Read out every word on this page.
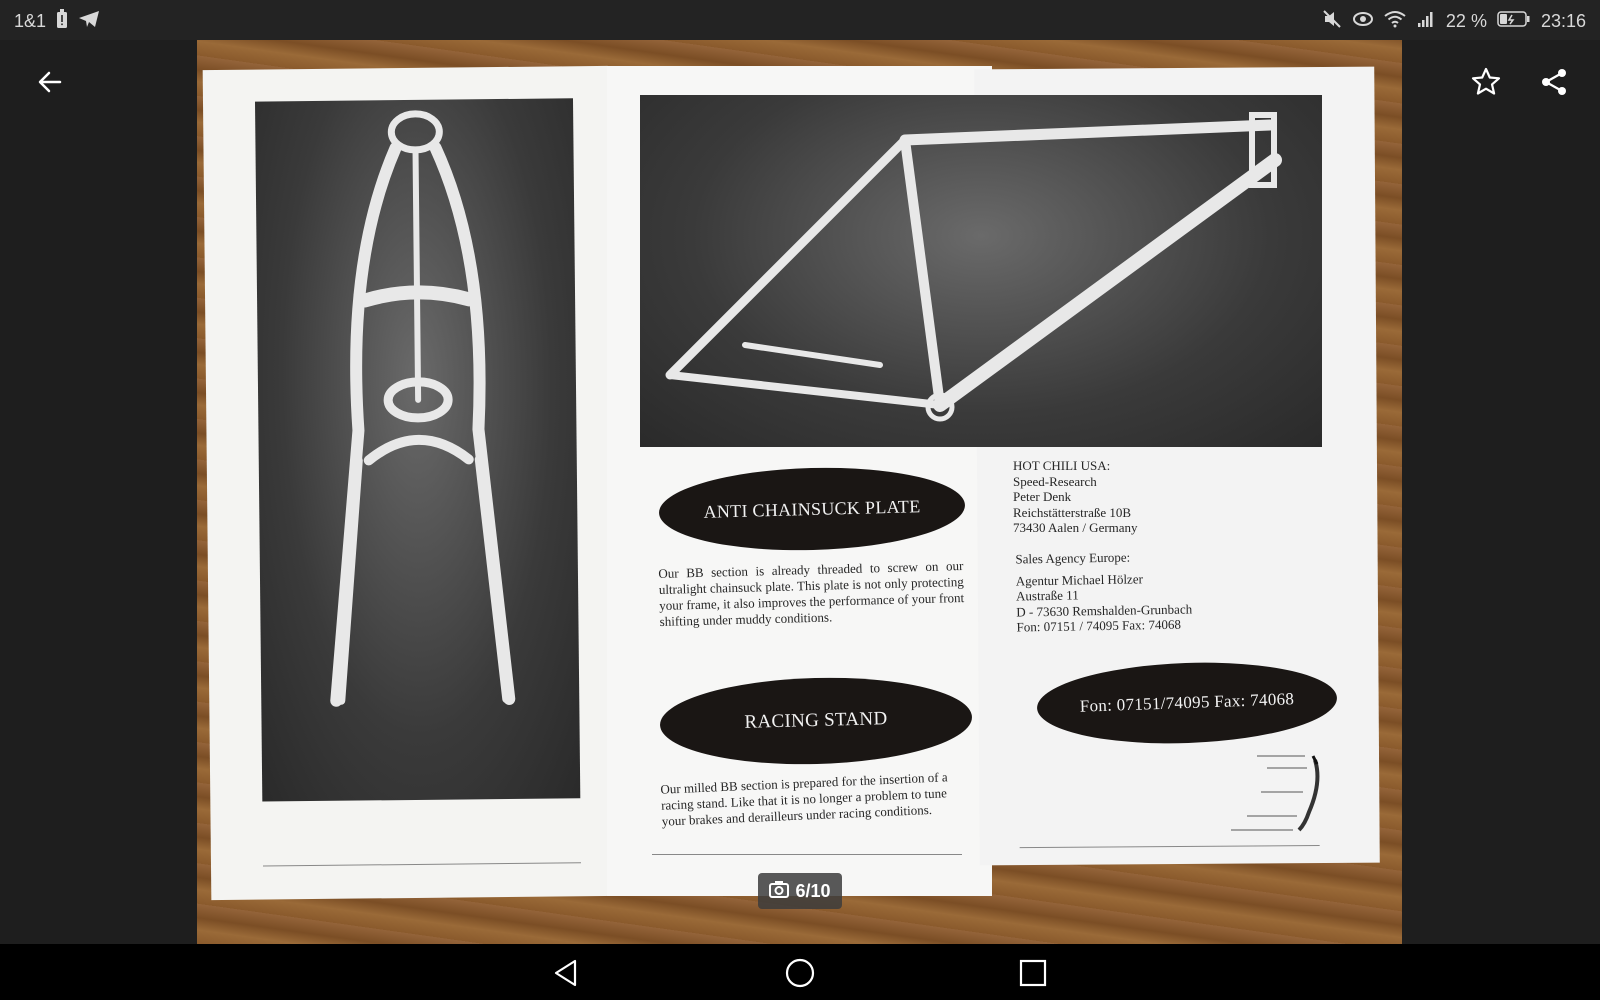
1&1	22 %	23:16
ANTI CHAINSUCK PLATE
Our BB section is already threaded to screw on our ultralight chainsuck plate. This plate is not only protecting your frame, it also improves the performance of your front shifting under muddy conditions.
RACING STAND
Our milled BB section is prepared for the insertion of a racing stand. Like that it is no longer a problem to tune your brakes and derailleurs under racing conditions.
HOT CHILI USA:
Speed-Research
Peter Denk
Reichstätterstraße 10B
73430 Aalen / Germany
Sales Agency Europe:
Agentur Michael Hölzer
Austraße 11
D - 73630 Remshalden-Grunbach
Fon: 07151 / 74095 Fax: 74068
Fon: 07151/74095 Fax: 74068
6/10
